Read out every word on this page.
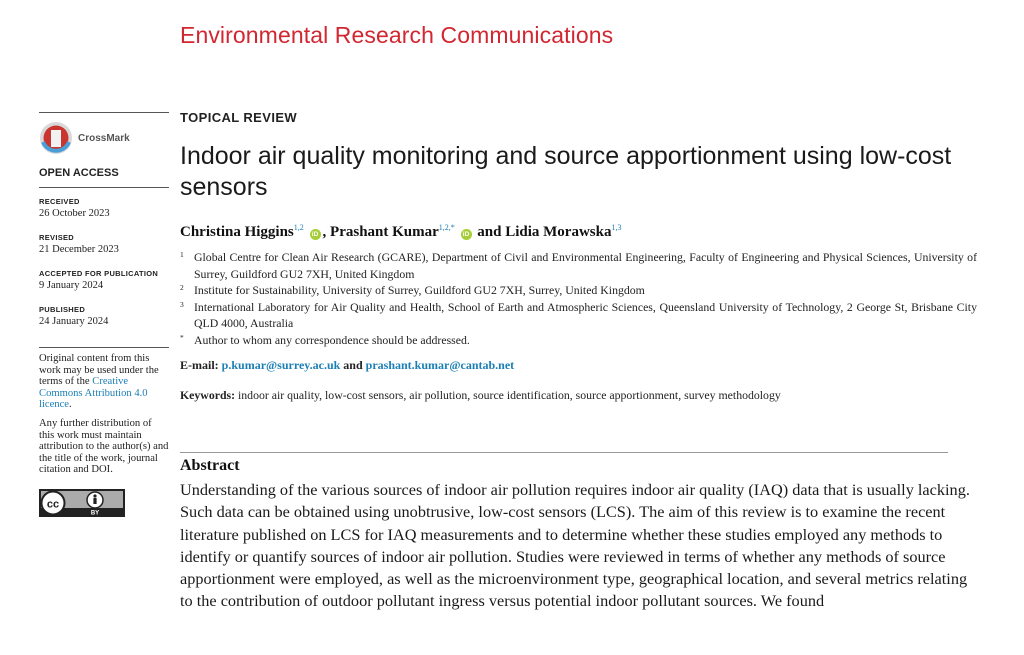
Environmental Research Communications
CrossMark
OPEN ACCESS
RECEIVED
26 October 2023
REVISED
21 December 2023
ACCEPTED FOR PUBLICATION
9 January 2024
PUBLISHED
24 January 2024

Original content from this work may be used under the terms of the Creative Commons Attribution 4.0 licence.

Any further distribution of this work must maintain attribution to the author(s) and the title of the work, journal citation and DOI.

cc
BY
TOPICAL REVIEW
Indoor air quality monitoring and source apportionment using low-cost sensors
Christina Higgins$^{1,2}$ iD , Prashant Kumar$^{1,2,*}$ iD and Lidia Morawska$^{1,3}$
1 Global Centre for Clean Air Research (GCARE), Department of Civil and Environmental Engineering, Faculty of Engineering and Physical Sciences, University of Surrey, Guildford GU2 7XH, United Kingdom
2 Institute for Sustainability, University of Surrey, Guildford GU2 7XH, Surrey, United Kingdom
3 International Laboratory for Air Quality and Health, School of Earth and Atmospheric Sciences, Queensland University of Technology, 2 George St, Brisbane City QLD 4000, Australia
* Author to whom any correspondence should be addressed.
E-mail: p.kumar@surrey.ac.uk and prashant.kumar@cantab.net
Keywords: indoor air quality, low-cost sensors, air pollution, source identification, source apportionment, survey methodology
Abstract
Understanding of the various sources of indoor air pollution requires indoor air quality (IAQ) data that is usually lacking. Such data can be obtained using unobtrusive, low-cost sensors (LCS). The aim of this review is to examine the recent literature published on LCS for IAQ measurements and to determine whether these studies employed any methods to identify or quantify sources of indoor air pollution. Studies were reviewed in terms of whether any methods of source apportionment were employed, as well as the microenvironment type, geographical location, and several metrics relating to the contribution of outdoor pollutant ingress versus potential indoor pollutant sources. We found
